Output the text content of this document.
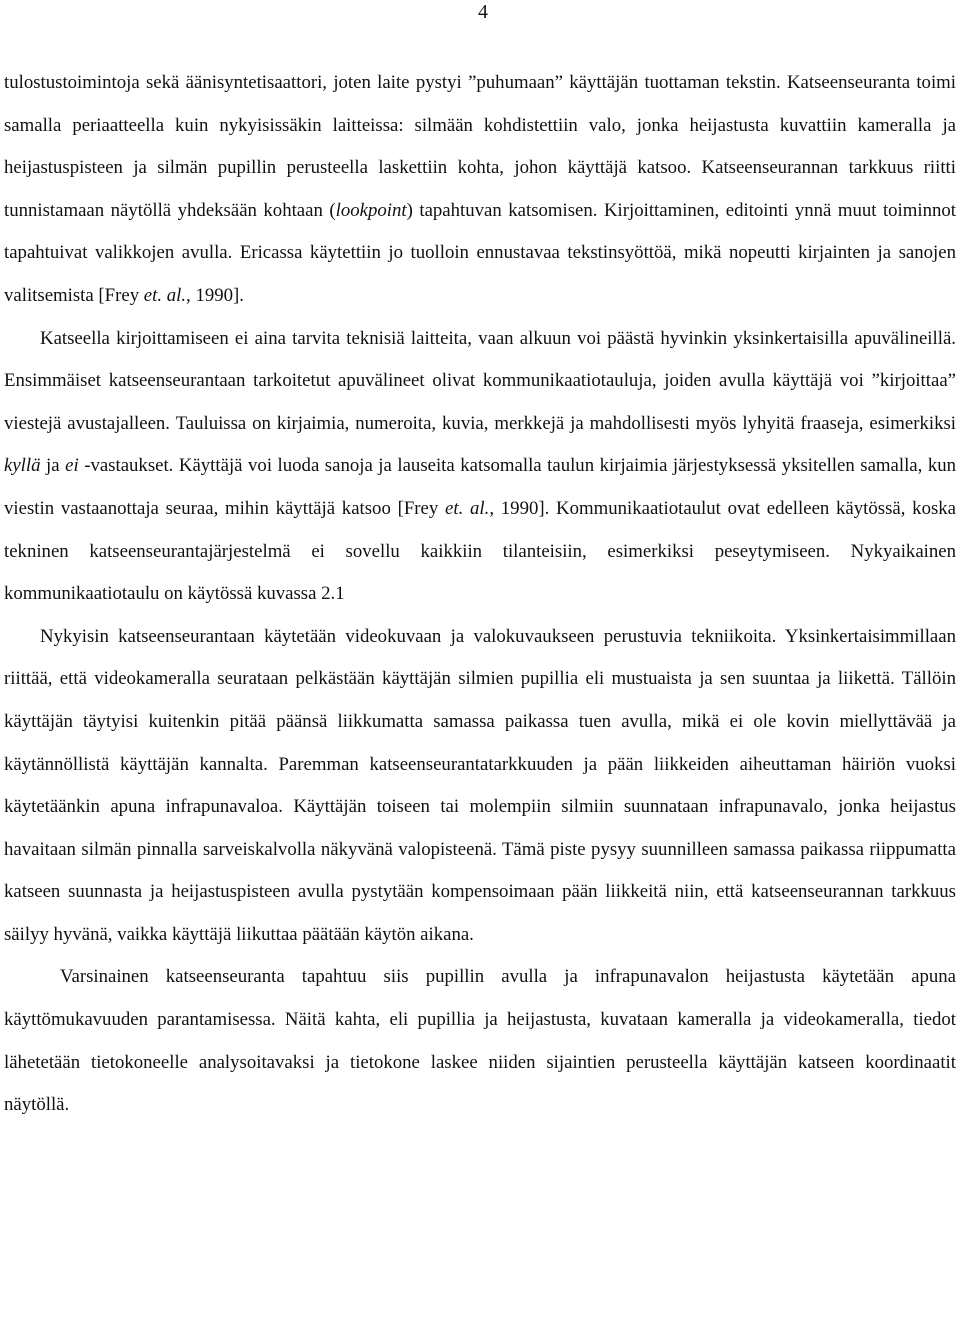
4

tulostustoimintoja sekä äänisyntetisaattori, joten laite pystyi ”puhumaan” käyttäjän tuottaman tekstin. Katseenseuranta toimi samalla periaatteella kuin nykyisissäkin laitteissa: silmään kohdistettiin valo, jonka heijastusta kuvattiin kameralla ja heijastuspisteen ja silmän pupillin perusteella laskettiin kohta, johon käyttäjä katsoo. Katseenseurannan tarkkuus riitti tunnistamaan näytöllä yhdeksään kohtaan (lookpoint) tapahtuvan katsomisen. Kirjoittaminen, editointi ynnä muut toiminnot tapahtuivat valikkojen avulla. Ericassa käytettiin jo tuolloin ennustavaa tekstinsyöttöä, mikä nopeutti kirjainten ja sanojen valitsemista [Frey et. al., 1990].

Katseella kirjoittamiseen ei aina tarvita teknisiä laitteita, vaan alkuun voi päästä hyvinkin yksinkertaisilla apuvälineillä. Ensimmäiset katseenseurantaan tarkoitetut apuvälineet olivat kommunikaatiotauluja, joiden avulla käyttäjä voi ”kirjoittaa” viestejä avustajalleen. Tauluissa on kirjaimia, numeroita, kuvia, merkkejä ja mahdollisesti myös lyhyitä fraaseja, esimerkiksi kyllä ja ei -vastaukset. Käyttäjä voi luoda sanoja ja lauseita katsomalla taulun kirjaimia järjestyksessä yksitellen samalla, kun viestin vastaanottaja seuraa, mihin käyttäjä katsoo [Frey et. al., 1990]. Kommunikaatiotaulut ovat edelleen käytössä, koska tekninen katseenseurantajärjestelmä ei sovellu kaikkiin tilanteisiin, esimerkiksi peseytymiseen. Nykyaikainen kommunikaatiotaulu on käytössä kuvassa 2.1

Nykyisin katseenseurantaan käytetään videokuvaan ja valokuvaukseen perustuvia tekniikoita. Yksinkertaisimmillaan riittää, että videokameralla seurataan pelkästään käyttäjän silmien pupillia eli mustuaista ja sen suuntaa ja liikettä. Tällöin käyttäjän täytyisi kuitenkin pitää päänsä liikkumatta samassa paikassa tuen avulla, mikä ei ole kovin miellyttävää ja käytännöllistä käyttäjän kannalta. Paremman katseenseurantatarkkuuden ja pään liikkeiden aiheuttaman häiriön vuoksi käytetäänkin apuna infrapunavaloa. Käyttäjän toiseen tai molempiin silmiin suunnataan infrapunavalo, jonka heijastus havaitaan silmän pinnalla sarveiskalvolla näkyvänä valopisteenä. Tämä piste pysyy suunnilleen samassa paikassa riippumatta katseen suunnasta ja heijastuspisteen avulla pystytään kompensoimaan pään liikkeitä niin, että katseenseurannan tarkkuus säilyy hyvänä, vaikka käyttäjä liikuttaa päätään käytön aikana.

Varsinainen katseenseuranta tapahtuu siis pupillin avulla ja infrapunavalon heijastusta käytetään apuna käyttömukavuuden parantamisessa. Näitä kahta, eli pupillia ja heijastusta, kuvataan kameralla ja videokameralla, tiedot lähetetään tietokoneelle analysoitavaksi ja tietokone laskee niiden sijaintien perusteella käyttäjän katseen koordinaatit näytöllä.
